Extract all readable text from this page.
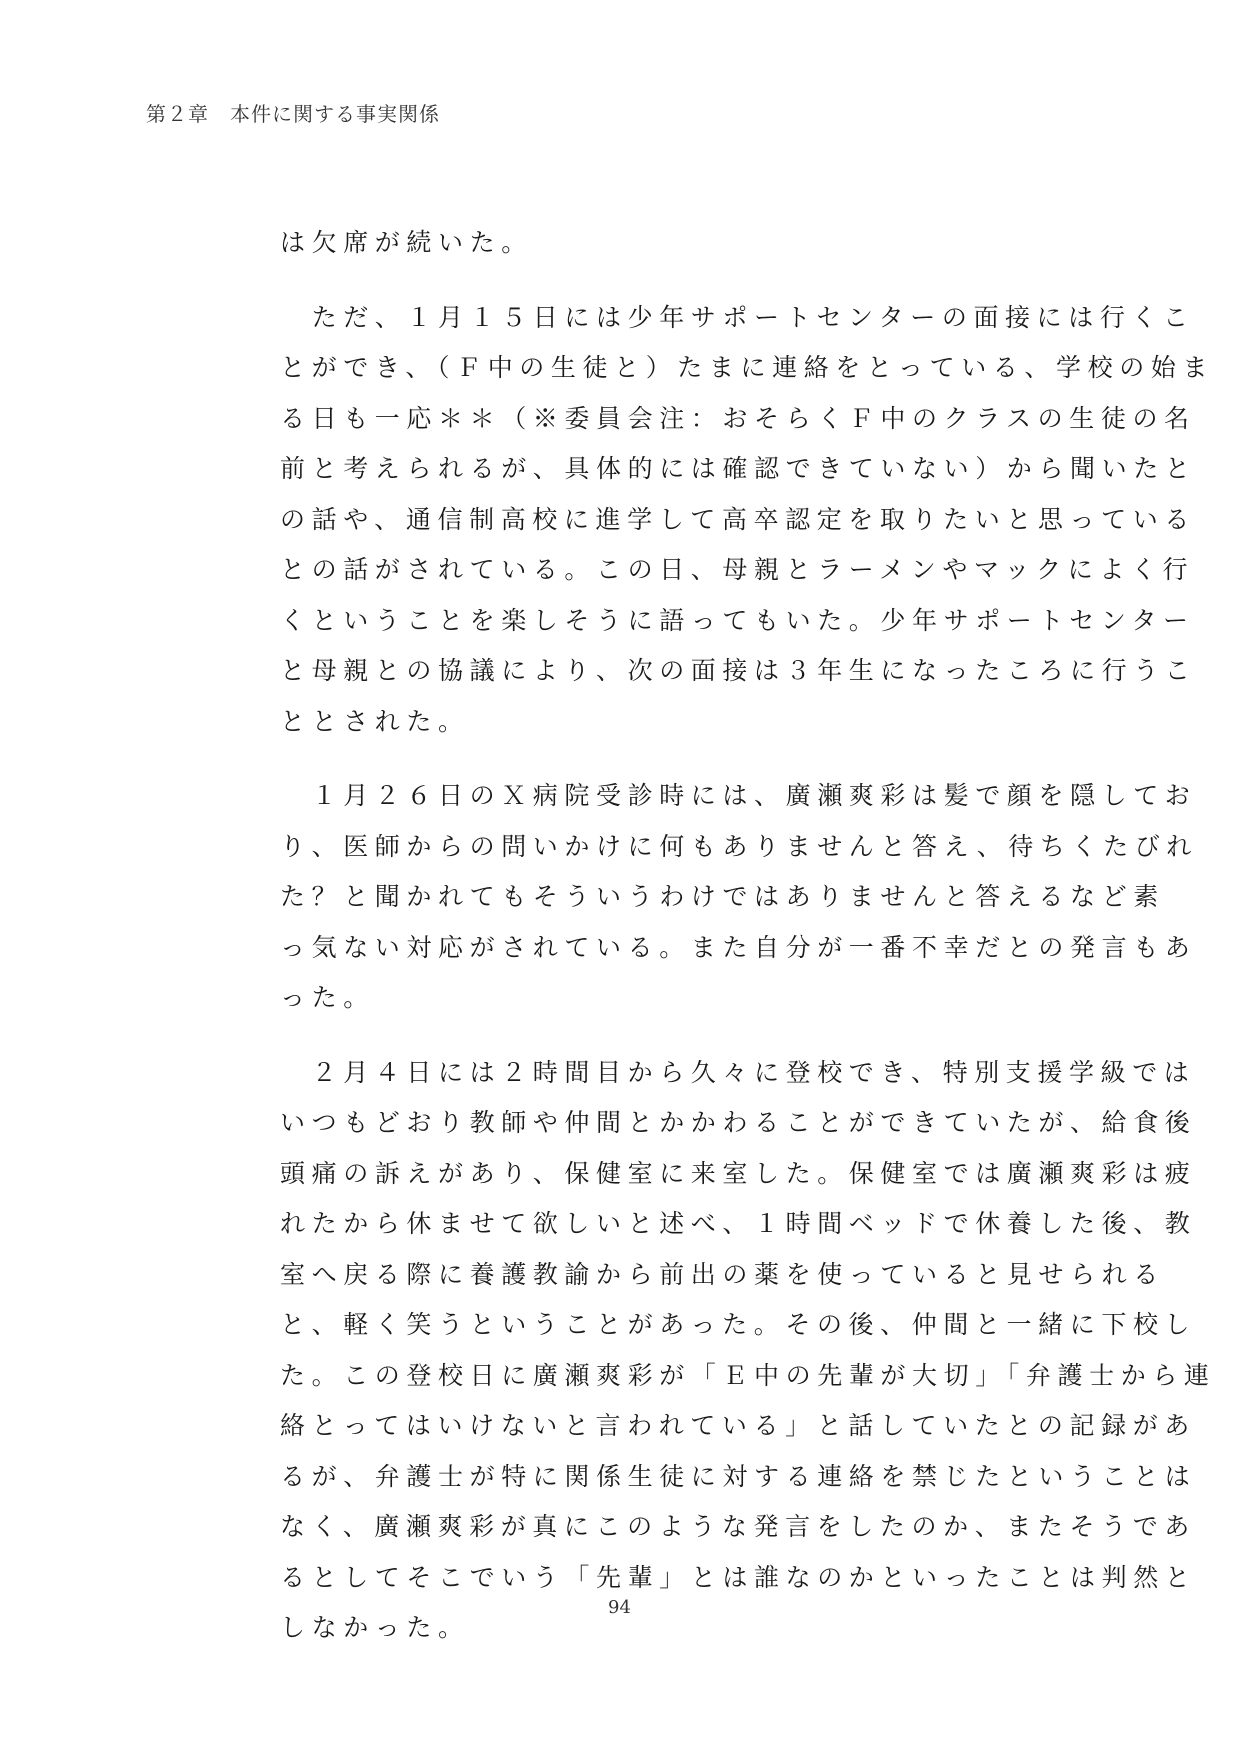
第２章　本件に関する事実関係
は欠席が続いた。
　ただ、１月１５日には少年サポートセンターの面接には行くこ
とができ、（Ｆ中の生徒と）たまに連絡をとっている、学校の始ま
る日も一応＊＊（※委員会注：おそらくＦ中のクラスの生徒の名
前と考えられるが、具体的には確認できていない）から聞いたと
の話や、通信制高校に進学して高卒認定を取りたいと思っている
との話がされている。この日、母親とラーメンやマックによく行
くということを楽しそうに語ってもいた。少年サポートセンター
と母親との協議により、次の面接は３年生になったころに行うこ
ととされた。
　１月２６日のＸ病院受診時には、廣瀬爽彩は髪で顔を隠してお
り、医師からの問いかけに何もありませんと答え、待ちくたびれ
た？と聞かれてもそういうわけではありませんと答えるなど素
っ気ない対応がされている。また自分が一番不幸だとの発言もあ
った。
　２月４日には２時間目から久々に登校でき、特別支援学級では
いつもどおり教師や仲間とかかわることができていたが、給食後
頭痛の訴えがあり、保健室に来室した。保健室では廣瀬爽彩は疲
れたから休ませて欲しいと述べ、１時間ベッドで休養した後、教
室へ戻る際に養護教諭から前出の薬を使っていると見せられる
と、軽く笑うということがあった。その後、仲間と一緒に下校し
た。この登校日に廣瀬爽彩が「Ｅ中の先輩が大切」「弁護士から連
絡とってはいけないと言われている」と話していたとの記録があ
るが、弁護士が特に関係生徒に対する連絡を禁じたということは
なく、廣瀬爽彩が真にこのような発言をしたのか、またそうであ
るとしてそこでいう「先輩」とは誰なのかといったことは判然と
しなかった。
94
